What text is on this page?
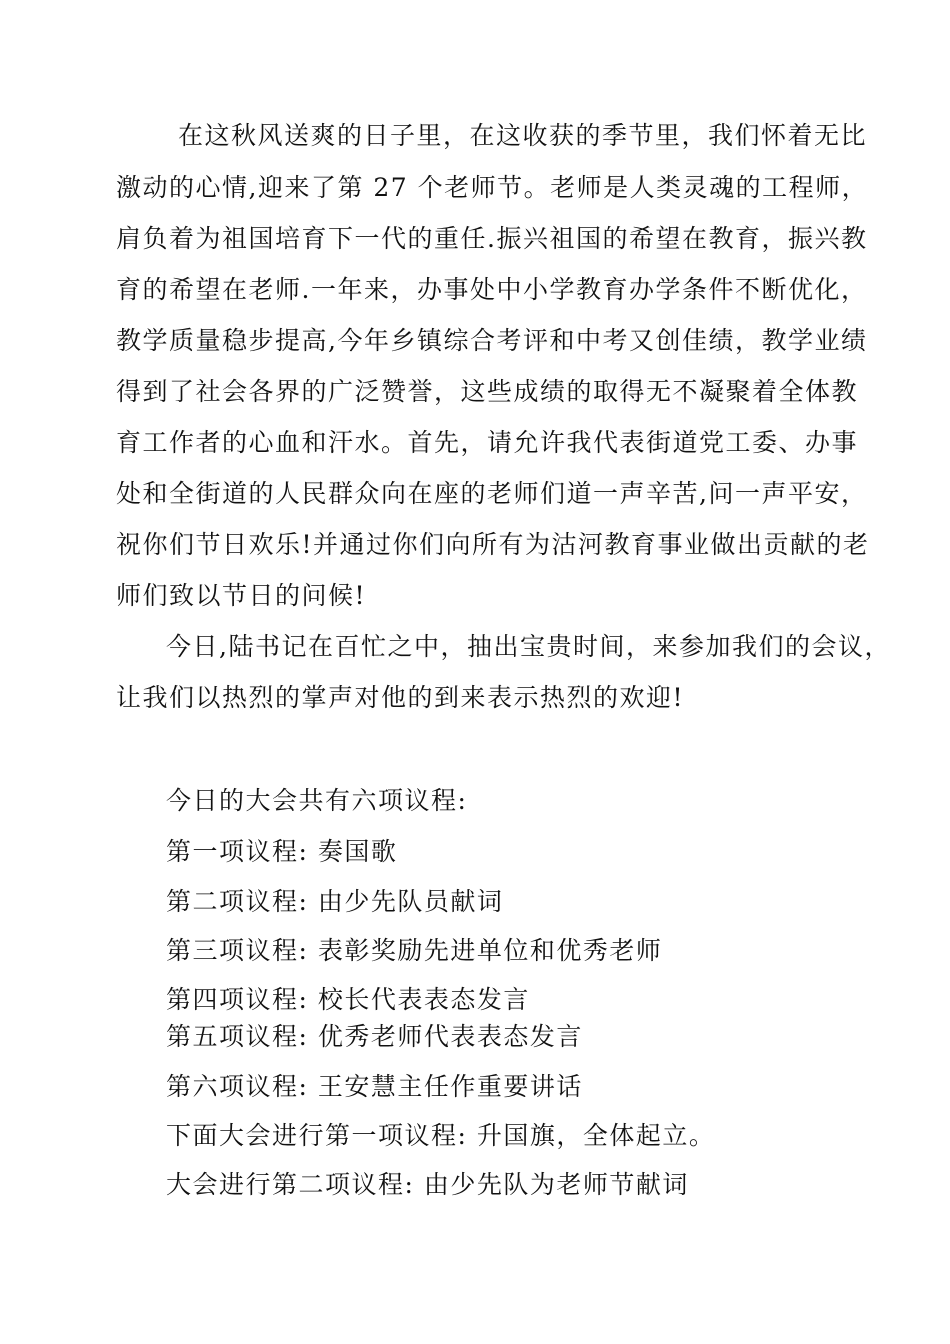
在这秋风送爽的日子里，在这收获的季节里，我们怀着无比
激动的心情,迎来了第 27 个老师节。老师是人类灵魂的工程师，
肩负着为祖国培育下一代的重任.振兴祖国的希望在教育，振兴教
育的希望在老师.一年来，办事处中小学教育办学条件不断优化，
教学质量稳步提高,今年乡镇综合考评和中考又创佳绩，教学业绩
得到了社会各界的广泛赞誉，这些成绩的取得无不凝聚着全体教
育工作者的心血和汗水。首先，请允许我代表街道党工委、办事
处和全街道的人民群众向在座的老师们道一声辛苦,问一声平安，
祝你们节日欢乐!并通过你们向所有为沽河教育事业做出贡献的老
师们致以节日的问候!
今日,陆书记在百忙之中，抽出宝贵时间，来参加我们的会议，
让我们以热烈的掌声对他的到来表示热烈的欢迎!
今日的大会共有六项议程:
第一项议程: 奏国歌
第二项议程: 由少先队员献词
第三项议程: 表彰奖励先进单位和优秀老师
第四项议程: 校长代表表态发言
第五项议程: 优秀老师代表表态发言
第六项议程: 王安慧主任作重要讲话
下面大会进行第一项议程: 升国旗，全体起立。
大会进行第二项议程: 由少先队为老师节献词
